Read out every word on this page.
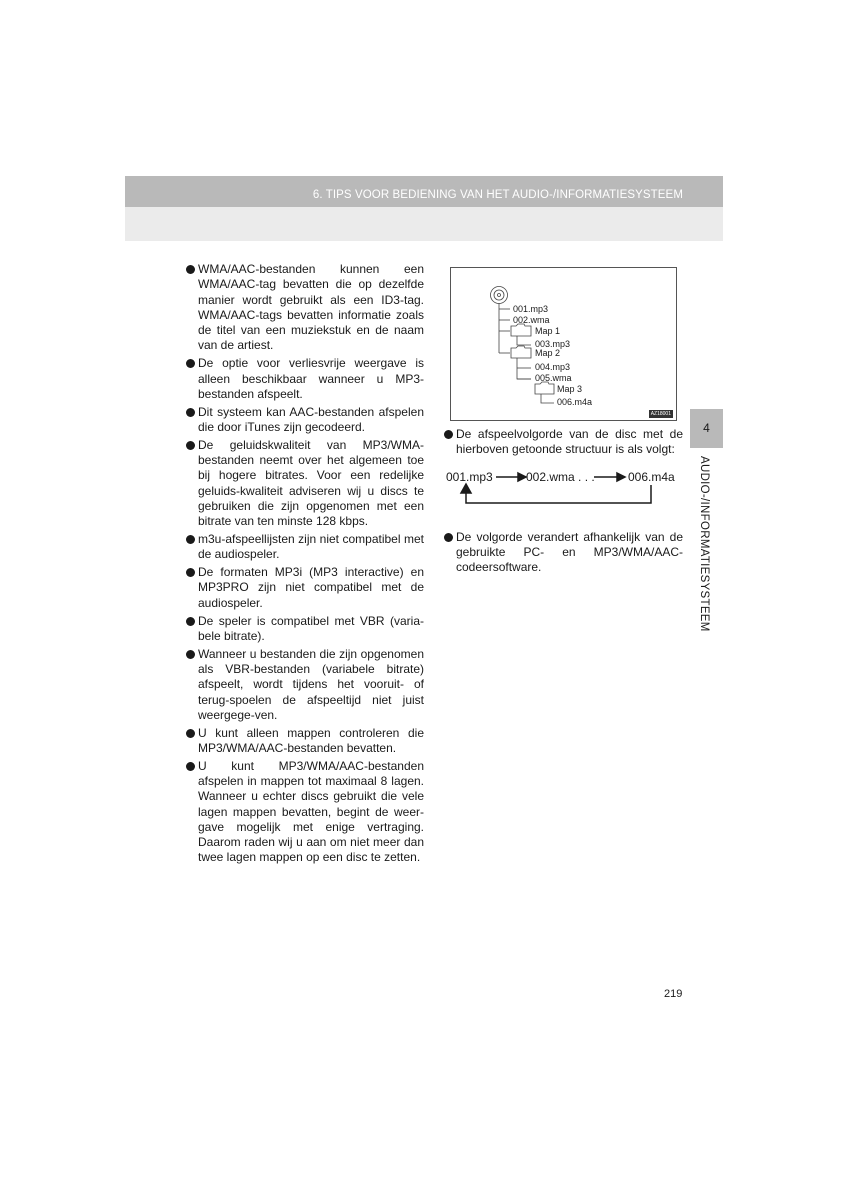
6. TIPS VOOR BEDIENING VAN HET AUDIO-/INFORMATIESYSTEEM
WMA/AAC-bestanden kunnen een WMA/AAC-tag bevatten die op dezelfde manier wordt gebruikt als een ID3-tag. WMA/AAC-tags bevatten informatie zoals de titel van een muziekstuk en de naam van de artiest.
De optie voor verliesvrije weergave is alleen beschikbaar wanneer u MP3-bestanden afspeelt.
Dit systeem kan AAC-bestanden afspelen die door iTunes zijn gecodeerd.
De geluidskwaliteit van MP3/WMA-bestanden neemt over het algemeen toe bij hogere bitrates. Voor een redelijke geluids-kwaliteit adviseren wij u discs te gebruiken die zijn opgenomen met een bitrate van ten minste 128 kbps.
m3u-afspeellijsten zijn niet compatibel met de audiospeler.
De formaten MP3i (MP3 interactive) en MP3PRO zijn niet compatibel met de audiospeler.
De speler is compatibel met VBR (varia-bele bitrate).
Wanneer u bestanden die zijn opgenomen als VBR-bestanden (variabele bitrate) afspeelt, wordt tijdens het vooruit- of terug-spoelen de afspeeltijd niet juist weergege-ven.
U kunt alleen mappen controleren die MP3/WMA/AAC-bestanden bevatten.
U kunt MP3/WMA/AAC-bestanden afspelen in mappen tot maximaal 8 lagen. Wanneer u echter discs gebruikt die vele lagen mappen bevatten, begint de weer-gave mogelijk met enige vertraging. Daarom raden wij u aan om niet meer dan twee lagen mappen op een disc te zetten.
001.mp3
002.wma
Map 1
003.mp3
Map 2
004.mp3
005.wma
Map 3
006.m4a
AZ18001
De afspeelvolgorde van de disc met de hierboven getoonde structuur is als volgt:
De volgorde verandert afhankelijk van de gebruikte PC- en MP3/WMA/AAC-codeersoftware.
001.mp3	002.wma . . .	006.m4a
4
AUDIO-/INFORMATIESYSTEEM
219
